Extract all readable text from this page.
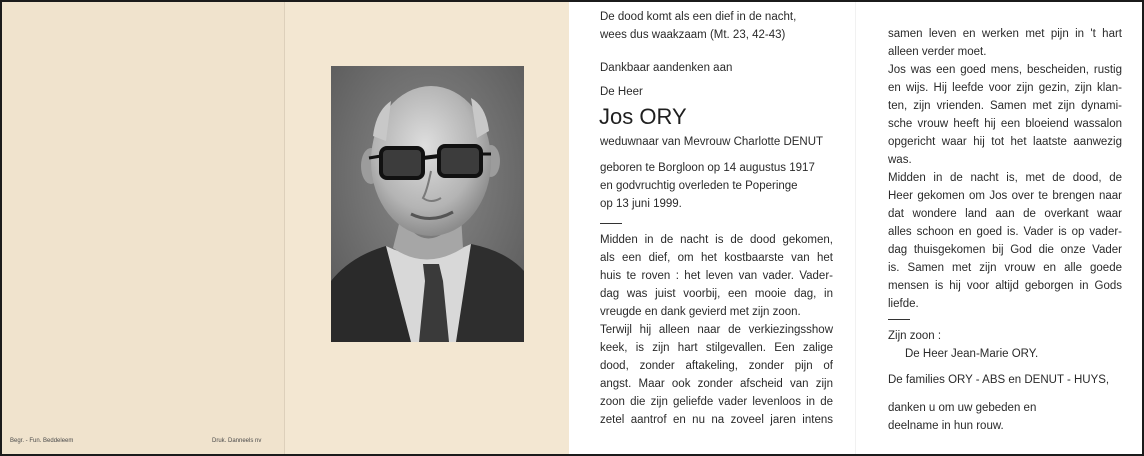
Begr. - Fun. Beddeleem	Druk. Danneels nv
De dood komt als een dief in de nacht,
wees dus waakzaam (Mt. 23, 42-43)
Dankbaar aandenken aan
De Heer
Jos ORY
weduwnaar van Mevrouw Charlotte DENUT
geboren te Borgloon op 14 augustus 1917
en godvruchtig overleden te Poperinge
op 13 juni 1999.
Midden in de nacht is de dood gekomen,
als een dief, om het kostbaarste van het
huis te roven : het leven van vader. Vader-
dag was juist voorbij, een mooie dag, in
vreugde en dank gevierd met zijn zoon.
Terwijl hij alleen naar de verkiezingsshow
keek, is zijn hart stilgevallen. Een zalige
dood, zonder aftakeling, zonder pijn of
angst. Maar ook zonder afscheid van zijn
zoon die zijn geliefde vader levenloos in de
zetel aantrof en nu na zoveel jaren intens
samen leven en werken met pijn in 't hart
alleen verder moet.
Jos was een goed mens, bescheiden, rustig
en wijs. Hij leefde voor zijn gezin, zijn klan-
ten, zijn vrienden. Samen met zijn dynami-
sche vrouw heeft hij een bloeiend wassalon
opgericht waar hij tot het laatste aanwezig
was.
Midden in de nacht is, met de dood, de
Heer gekomen om Jos over te brengen naar
dat wondere land aan de overkant waar
alles schoon en goed is. Vader is op vader-
dag thuisgekomen bij God die onze Vader
is. Samen met zijn vrouw en alle goede
mensen is hij voor altijd geborgen in Gods
liefde.
Zijn zoon :
De Heer Jean-Marie ORY.
De families ORY - ABS en DENUT - HUYS,
danken u om uw gebeden en
deelname in hun rouw.
